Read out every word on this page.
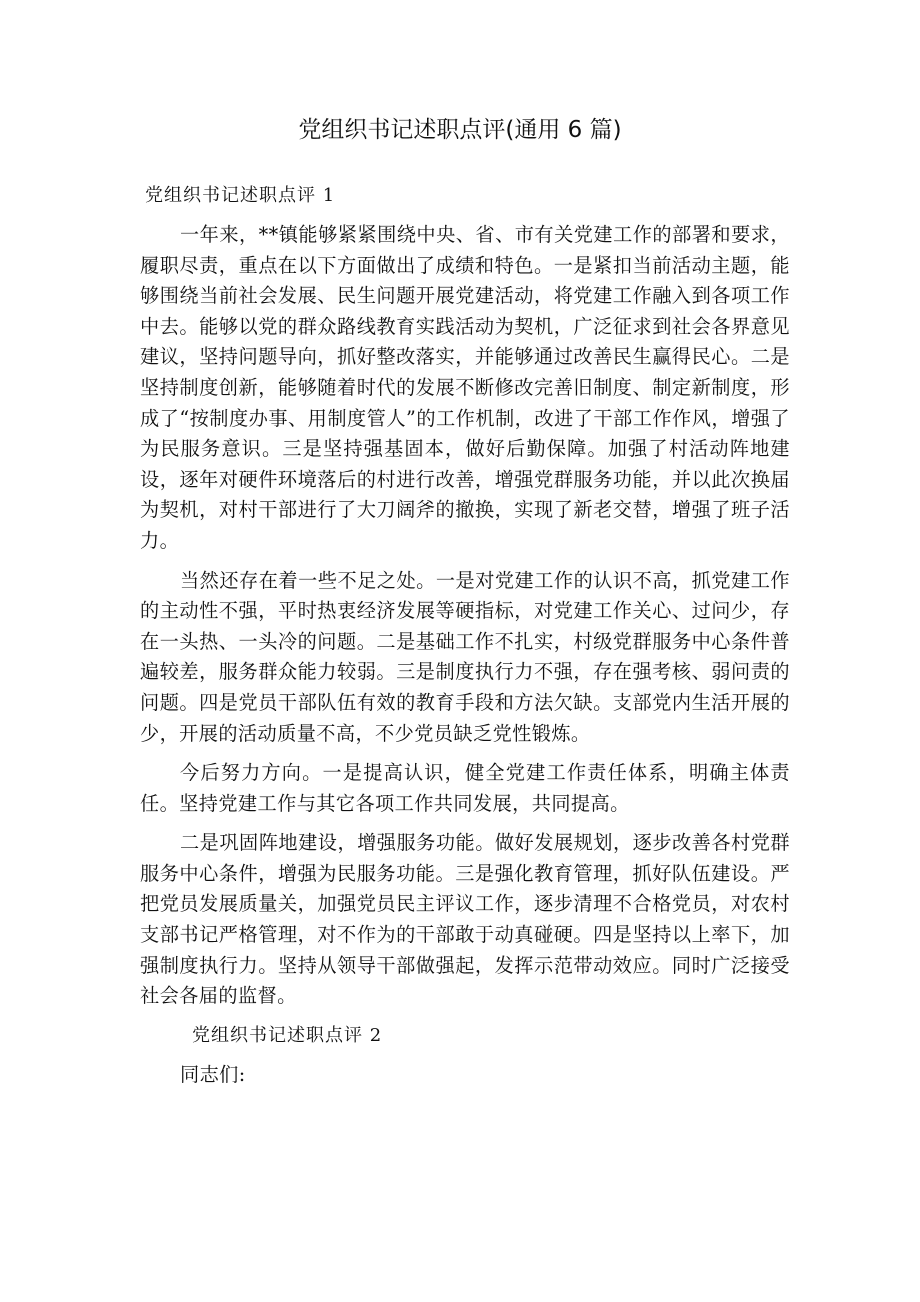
党组织书记述职点评(通用 6 篇)

党组织书记述职点评 1

一年来，**镇能够紧紧围绕中央、省、市有关党建工作的部署和要求，履职尽责，重点在以下方面做出了成绩和特色。一是紧扣当前活动主题，能够围绕当前社会发展、民生问题开展党建活动，将党建工作融入到各项工作中去。能够以党的群众路线教育实践活动为契机，广泛征求到社会各界意见建议，坚持问题导向，抓好整改落实，并能够通过改善民生赢得民心。二是坚持制度创新，能够随着时代的发展不断修改完善旧制度、制定新制度，形成了“按制度办事、用制度管人”的工作机制，改进了干部工作作风，增强了为民服务意识。三是坚持强基固本，做好后勤保障。加强了村活动阵地建设，逐年对硬件环境落后的村进行改善，增强党群服务功能，并以此次换届为契机，对村干部进行了大刀阔斧的撤换，实现了新老交替，增强了班子活力。

当然还存在着一些不足之处。一是对党建工作的认识不高，抓党建工作的主动性不强，平时热衷经济发展等硬指标，对党建工作关心、过问少，存在一头热、一头冷的问题。二是基础工作不扎实，村级党群服务中心条件普遍较差，服务群众能力较弱。三是制度执行力不强，存在强考核、弱问责的问题。四是党员干部队伍有效的教育手段和方法欠缺。支部党内生活开展的少，开展的活动质量不高，不少党员缺乏党性锻炼。

今后努力方向。一是提高认识，健全党建工作责任体系，明确主体责任。坚持党建工作与其它各项工作共同发展，共同提高。

二是巩固阵地建设，增强服务功能。做好发展规划，逐步改善各村党群服务中心条件，增强为民服务功能。三是强化教育管理，抓好队伍建设。严把党员发展质量关，加强党员民主评议工作，逐步清理不合格党员，对农村支部书记严格管理，对不作为的干部敢于动真碰硬。四是坚持以上率下，加强制度执行力。坚持从领导干部做强起，发挥示范带动效应。同时广泛接受社会各届的监督。

党组织书记述职点评 2

同志们:
